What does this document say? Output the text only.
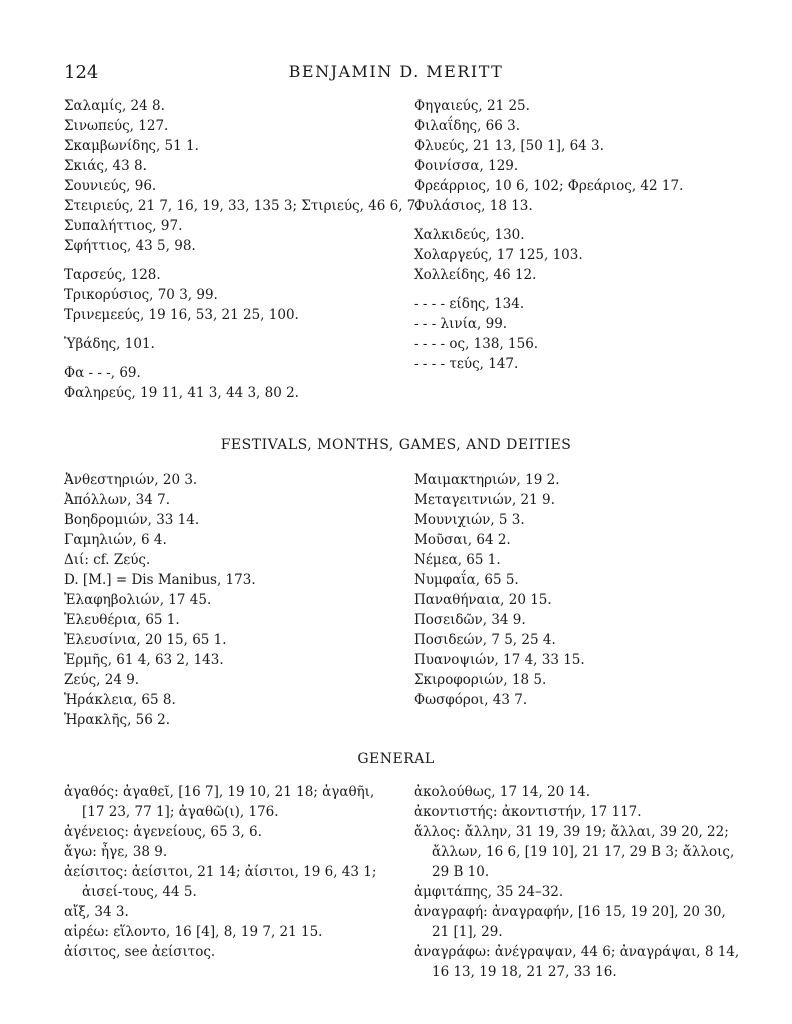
124	BENJAMIN D. MERITT
Σαλαμίς, 24 8.
Σινωπεύς, 127.
Σκαμβωνίδης, 51 1.
Σκιάς, 43 8.
Σουνιεύς, 96.
Στειριεύς, 21 7, 16, 19, 33, 135 3; Στιριεύς, 46 6, 7.
Συπαλήττιος, 97.
Σφήττιος, 43 5, 98.
Ταρσεύς, 128.
Τρικορύσιος, 70 3, 99.
Τρινεμεεύς, 19 16, 53, 21 25, 100.
Ὑβάδης, 101.
Φα - - -, 69.
Φαληρεύς, 19 11, 41 3, 44 3, 80 2.
Φηγαιεύς, 21 25.
Φιλαΐδης, 66 3.
Φλυεύς, 21 13, [50 1], 64 3.
Φοινίσσα, 129.
Φρεάρριος, 10 6, 102; Φρεάριος, 42 17.
Φυλάσιος, 18 13.
Χαλκιδεύς, 130.
Χολαργεύς, 17 125, 103.
Χολλείδης, 46 12.
- - - - είδης, 134.
- - - λινία, 99.
- - - - ος, 138, 156.
- - - - τεύς, 147.
FESTIVALS, MONTHS, GAMES, AND DEITIES
Ἀνθεστηριών, 20 3.
Ἀπόλλων, 34 7.
Βοηδρομιών, 33 14.
Γαμηλιών, 6 4.
Διί: cf. Ζεύς.
D. [M.] = Dis Manibus, 173.
Ἐλαφηβολιών, 17 45.
Ἐλευθέρια, 65 1.
Ἐλευσίνια, 20 15, 65 1.
Ἑρμῆς, 61 4, 63 2, 143.
Ζεύς, 24 9.
Ἡράκλεια, 65 8.
Ἡρακλῆς, 56 2.
Μαιμακτηριών, 19 2.
Μεταγειτνιών, 21 9.
Μουνιχιών, 5 3.
Μοῦσαι, 64 2.
Νέμεα, 65 1.
Νυμφαΐα, 65 5.
Παναθήναια, 20 15.
Ποσειδῶν, 34 9.
Ποσιδεών, 7 5, 25 4.
Πυανοψιών, 17 4, 33 15.
Σκιροφοριών, 18 5.
Φωσφόροι, 43 7.
GENERAL
ἀγαθός: ἀγαθεῖ, [16 7], 19 10, 21 18; ἀγαθῆι, [17 23, 77 1]; ἀγαθῶ(ι), 176.
ἀγένειος: ἀγενείους, 65 3, 6.
ἄγω: ἦγε, 38 9.
ἀείσιτος: ἀείσιτοι, 21 14; ἀίσιτοι, 19 6, 43 1; ἀισεί-τους, 44 5.
αἴξ, 34 3.
αἱρέω: εἵλοντο, 16 [4], 8, 19 7, 21 15.
ἀίσιτος, see ἀείσιτος.
ἀκολούθως, 17 14, 20 14.
ἀκοντιστής: ἀκοντιστήν, 17 117.
ἄλλος: ἄλλην, 31 19, 39 19; ἄλλαι, 39 20, 22; ἄλλων, 16 6, [19 10], 21 17, 29 B 3; ἄλλοις, 29 B 10.
ἀμφιτάπης, 35 24–32.
ἀναγραφή: ἀναγραφήν, [16 15, 19 20], 20 30, 21 [1], 29.
ἀναγράφω: ἀνέγραψαν, 44 6; ἀναγράψαι, 8 14, 16 13, 19 18, 21 27, 33 16.
